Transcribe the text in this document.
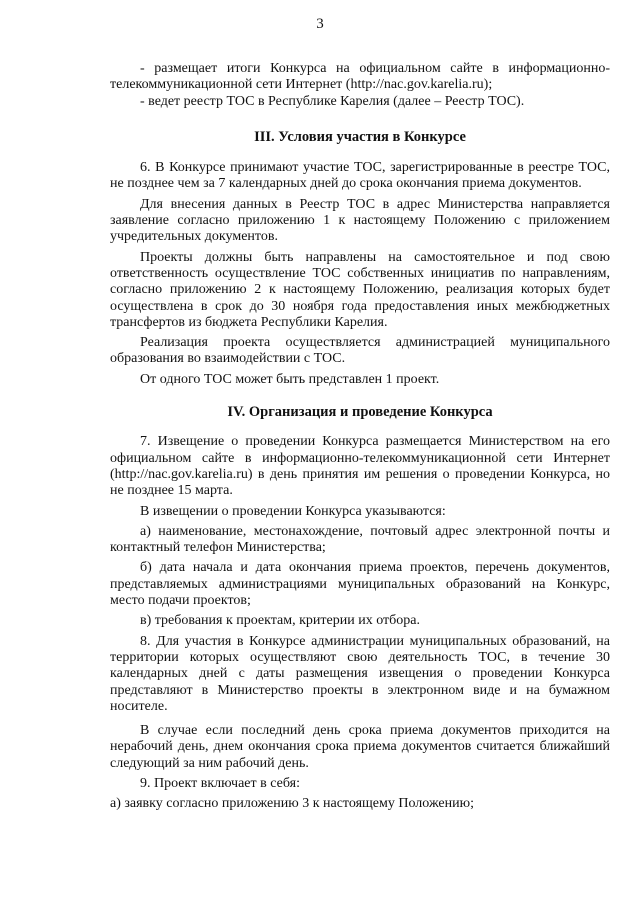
3

- размещает итоги Конкурса на официальном сайте в информационно-телекоммуникационной сети Интернет (http://nac.gov.karelia.ru);

- ведет реестр ТОС в Республике Карелия (далее – Реестр ТОС).

III. Условия участия в Конкурсе

6. В Конкурсе принимают участие ТОС, зарегистрированные в реестре ТОС, не позднее чем за 7 календарных дней до срока окончания приема документов.

Для внесения данных в Реестр ТОС в адрес Министерства направляется заявление согласно приложению 1 к настоящему Положению с приложением учредительных документов.

Проекты должны быть направлены на самостоятельное и под свою ответственность осуществление ТОС собственных инициатив по направлениям, согласно приложению 2 к настоящему Положению, реализация которых будет осуществлена в срок до 30 ноября года предоставления иных межбюджетных трансфертов из бюджета Республики Карелия.

Реализация проекта осуществляется администрацией муниципального образования во взаимодействии с ТОС.

От одного ТОС может быть представлен 1 проект.

IV. Организация и проведение Конкурса

7. Извещение о проведении Конкурса размещается Министерством на его официальном сайте в информационно-телекоммуникационной сети Интернет (http://nac.gov.karelia.ru) в день принятия им решения о проведении Конкурса, но не позднее 15 марта.

В извещении о проведении Конкурса указываются:

а) наименование, местонахождение, почтовый адрес электронной почты и контактный телефон Министерства;

б) дата начала и дата окончания приема проектов, перечень документов, представляемых администрациями муниципальных образований на Конкурс, место подачи проектов;

в) требования к проектам, критерии их отбора.

8. Для участия в Конкурсе администрации муниципальных образований, на территории которых осуществляют свою деятельность ТОС, в течение 30 календарных дней с даты размещения извещения о проведении Конкурса представляют в Министерство проекты в электронном виде и на бумажном носителе.

В случае если последний день срока приема документов приходится на нерабочий день, днем окончания срока приема документов считается ближайший следующий за ним рабочий день.

9. Проект включает в себя:

а) заявку согласно приложению 3 к настоящему Положению;
